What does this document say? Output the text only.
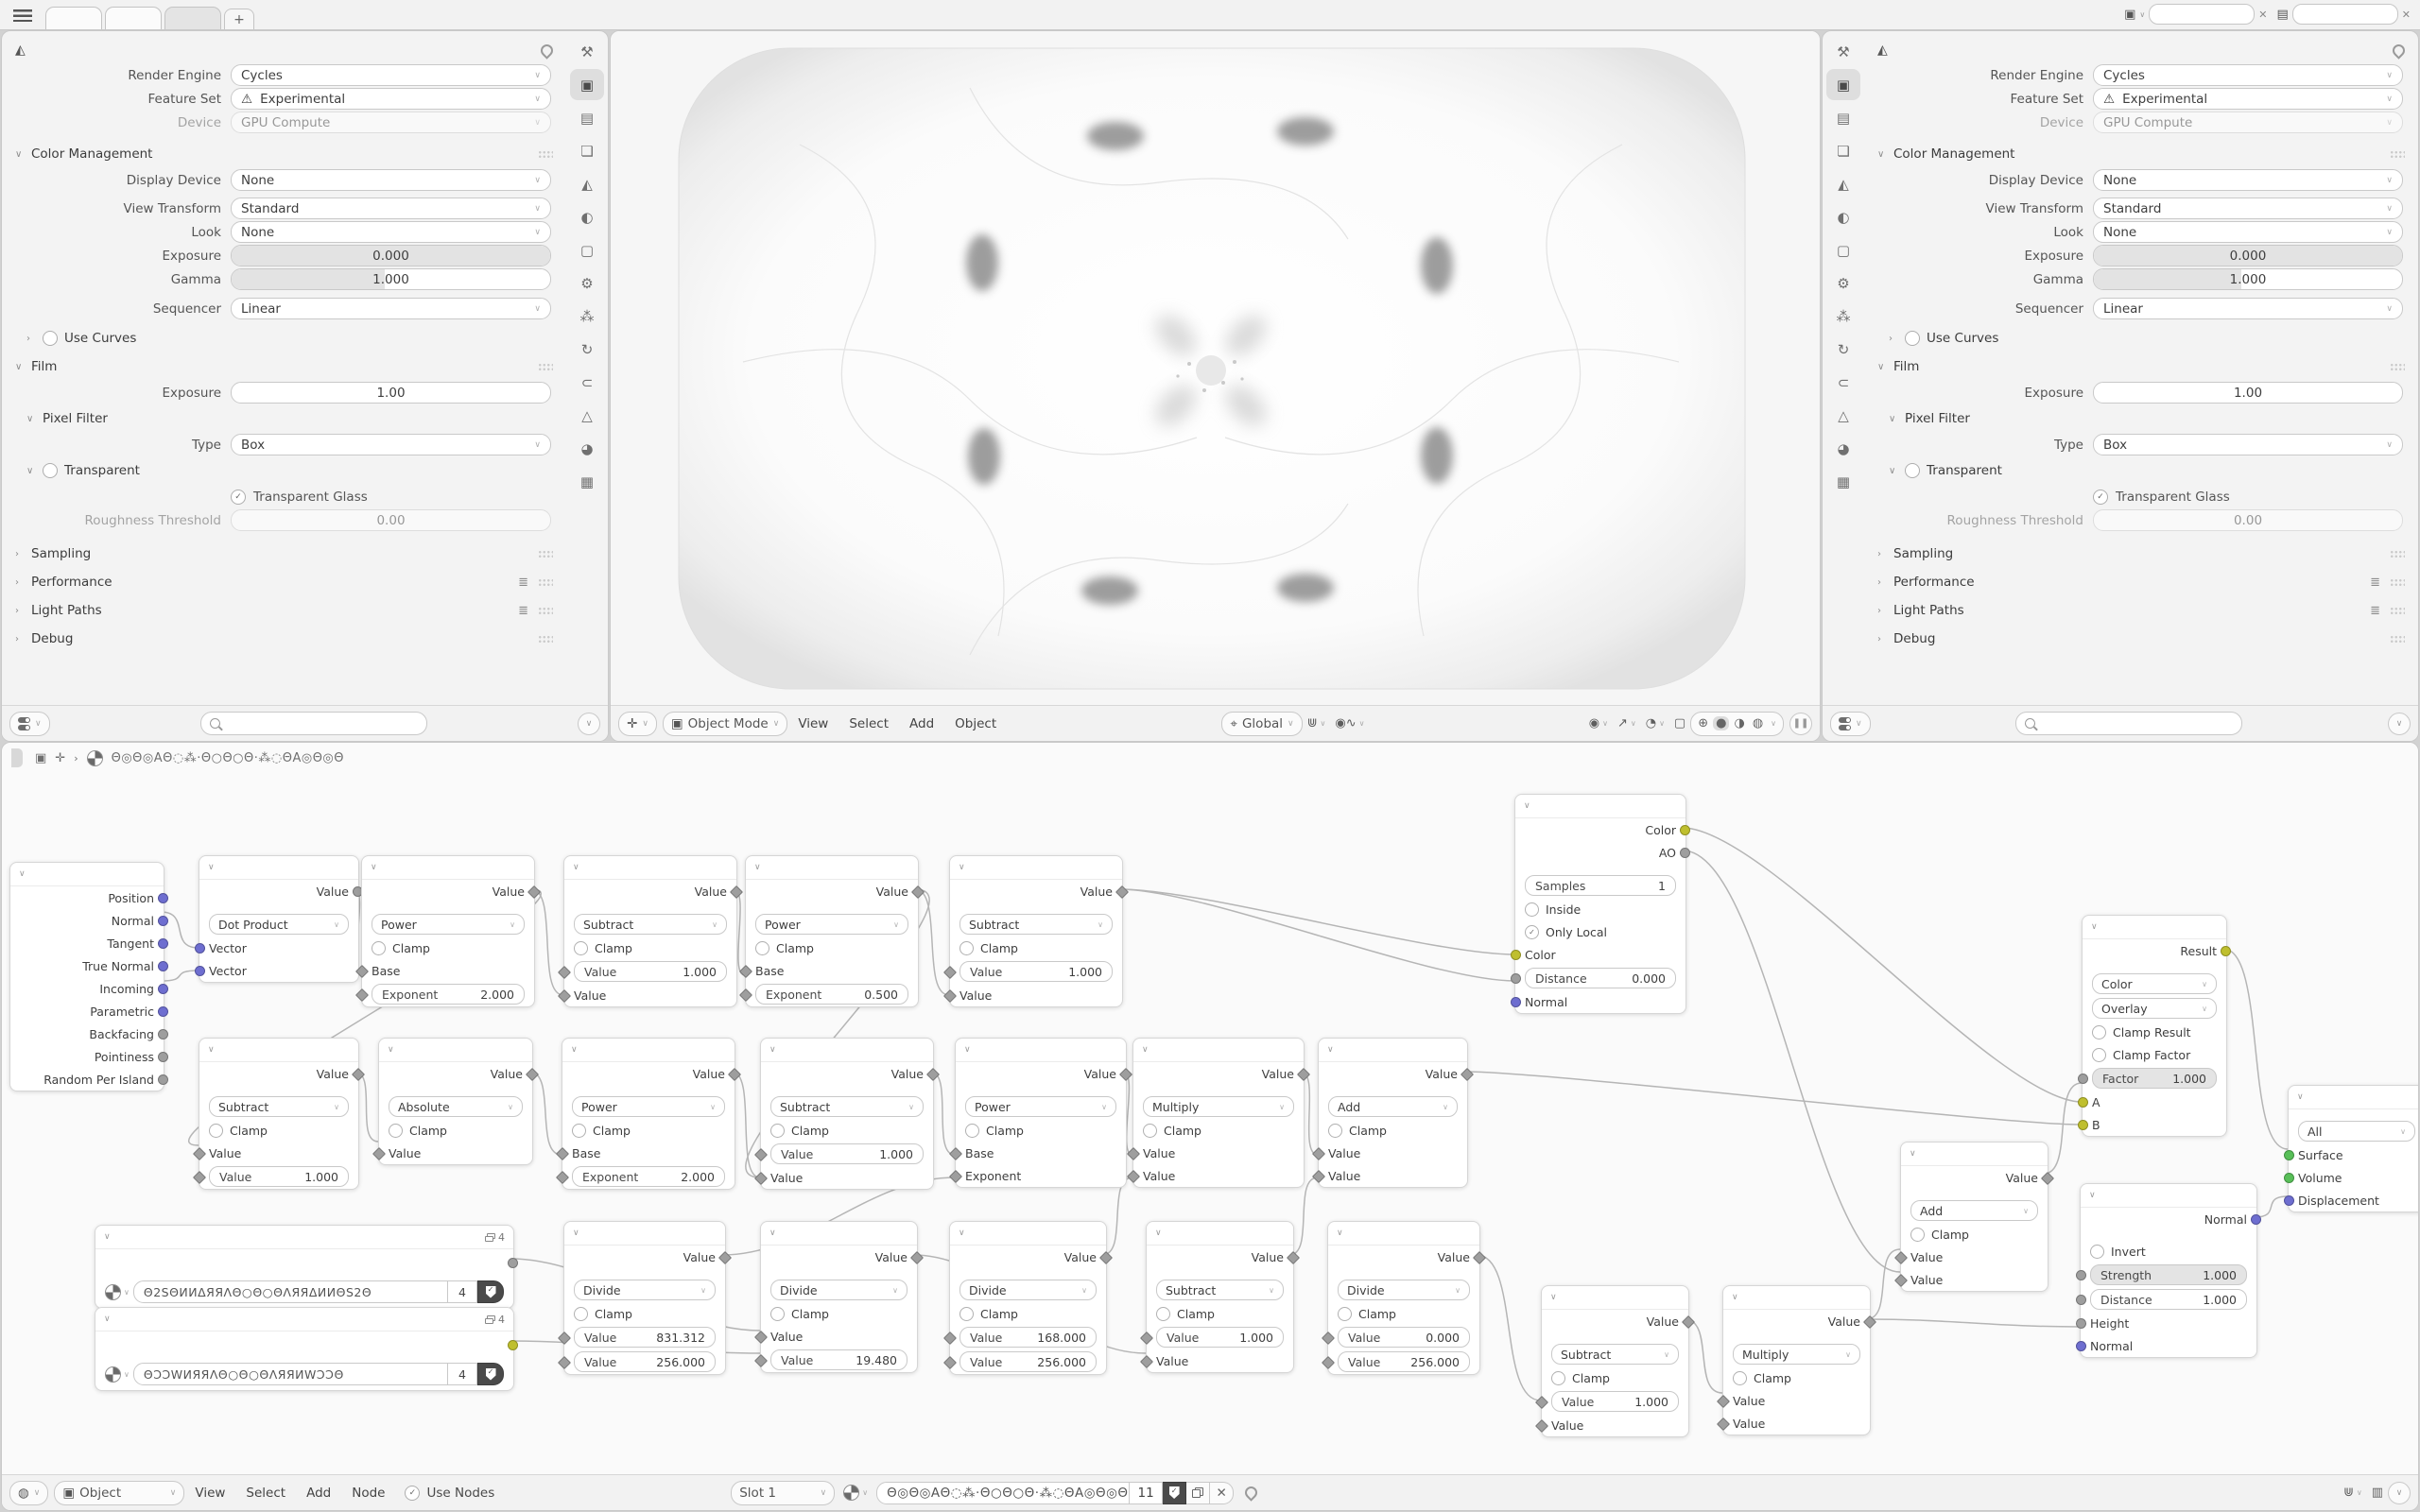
+	▣ ∨	✕ ▤	✕
◭
Render Engine Cycles	∨
Feature Set ⚠ Experimental	∨
Device GPU Compute	∨
∨ Color Management
Display Device None	∨
View Transform Standard	∨
Look None	∨
Exposure	0.000
Gamma	1.000
Sequencer Linear	∨
›	Use Curves
∨ Film
Exposure	1.00
∨ Pixel Filter
Type Box	∨
∨ Transparent
✓ Transparent Glass
Roughness Threshold	0.00
› Sampling
› Performance	≣
› Light Paths	≣
› Debug
⚒
▣
▤
❏
◭
◐
▢
⚙
⁂
↻
⊂
△
◕
▦
∨	∨	✛ ∨ ▣ Object Mode ∨	View	Select	Add	Object	⌖ Global ∨	⋓ ∨ ◉∿ ∨	◉ ∨ ↗ ∨ ◔ ∨ ▢	⊕ ● ◑ ◍	∨	❚❚
⚒
▣
▤
❏
◭
◐
▢
⚙
⁂
↻
⊂
△
◕
▦
◭
Render Engine Cycles	∨
Feature Set ⚠ Experimental	∨
Device GPU Compute	∨
∨ Color Management
Display Device None	∨
View Transform Standard	∨
Look None	∨
Exposure	0.000
Gamma	1.000
Sequencer Linear	∨
›	Use Curves
∨ Film
Exposure	1.00
∨ Pixel Filter
Type Box	∨
∨ Transparent
✓ Transparent Glass
Roughness Threshold	0.00
› Sampling
› Performance	≣
› Light Paths	≣
› Debug
∨	∨
∨
Position
Normal
Tangent
True Normal
Incoming
Parametric
Backfacing
Pointiness
Random Per Island
∨
Value
Dot Product	∨
Vector
Vector
∨
Value
Power	∨
Clamp
Base
Exponent	2.000
∨
Value
Subtract	∨
Clamp
Value	1.000
Value
∨
Value
Power	∨
Clamp
Base
Exponent	0.500
∨
Value
Subtract	∨
Clamp
Value	1.000
Value
∨
Value
Subtract	∨
Clamp
Value
Value	1.000
∨
Value
Absolute	∨
Clamp
Value
∨
Value
Power	∨
Clamp
Base
Exponent	2.000
∨
Value
Subtract	∨
Clamp
Value	1.000
Value
∨
Value
Power	∨
Clamp
Base
Exponent
∨
Value
Multiply	∨
Clamp
Value
Value
∨
Value
Add	∨
Clamp
Value
Value
∨	4
∨	Θ2ЅΘИИΔЯЯΛΘ○Θ○ΘΛЯЯΔИИΘЅ2Θ	4	✓
∨	4
∨	ΘƆƆWИЯЯΛΘ○Θ○ΘΛЯЯИWƆƆΘ	4	✓
∨
Value
Divide	∨
Clamp
Value	831.312
Value	256.000
∨
Value
Divide	∨
Clamp
Value
Value	19.480
∨
Value
Divide	∨
Clamp
Value	168.000
Value	256.000
∨
Value
Subtract	∨
Clamp
Value	1.000
Value
∨
Value
Divide	∨
Clamp
Value	0.000
Value	256.000
∨
Value
Subtract	∨
Clamp
Value	1.000
Value
∨
Value
Multiply	∨
Clamp
Value
Value
∨
Color
AO
Samples	1
Inside
✓ Only Local
Color
Distance	0.000
Normal
∨
Value
Add	∨
Clamp
Value
Value
∨
Result
Color	∨
Overlay	∨
Clamp Result
Clamp Factor
Factor	1.000
A
B
∨
All	∨
Surface
Volume
Displacement
∨
Normal
Invert
Strength	1.000
Distance	1.000
Height
Normal
▣ ✛ ›	Θ◎Θ◎ΑΘ◌⁂·Θ○Θ○Θ·⁂◌ΘΑ◎Θ◎Θ
◍ ∨ ▣ Object	∨	View	Select	Add	Node	✓ Use Nodes	Slot 1	∨	∨	Θ◎Θ◎ΑΘ◌⁂·Θ○Θ○Θ·⁂◌ΘΑ◎Θ◎Θ 11	✓	✕	⋓ ∨ ▥	∨
